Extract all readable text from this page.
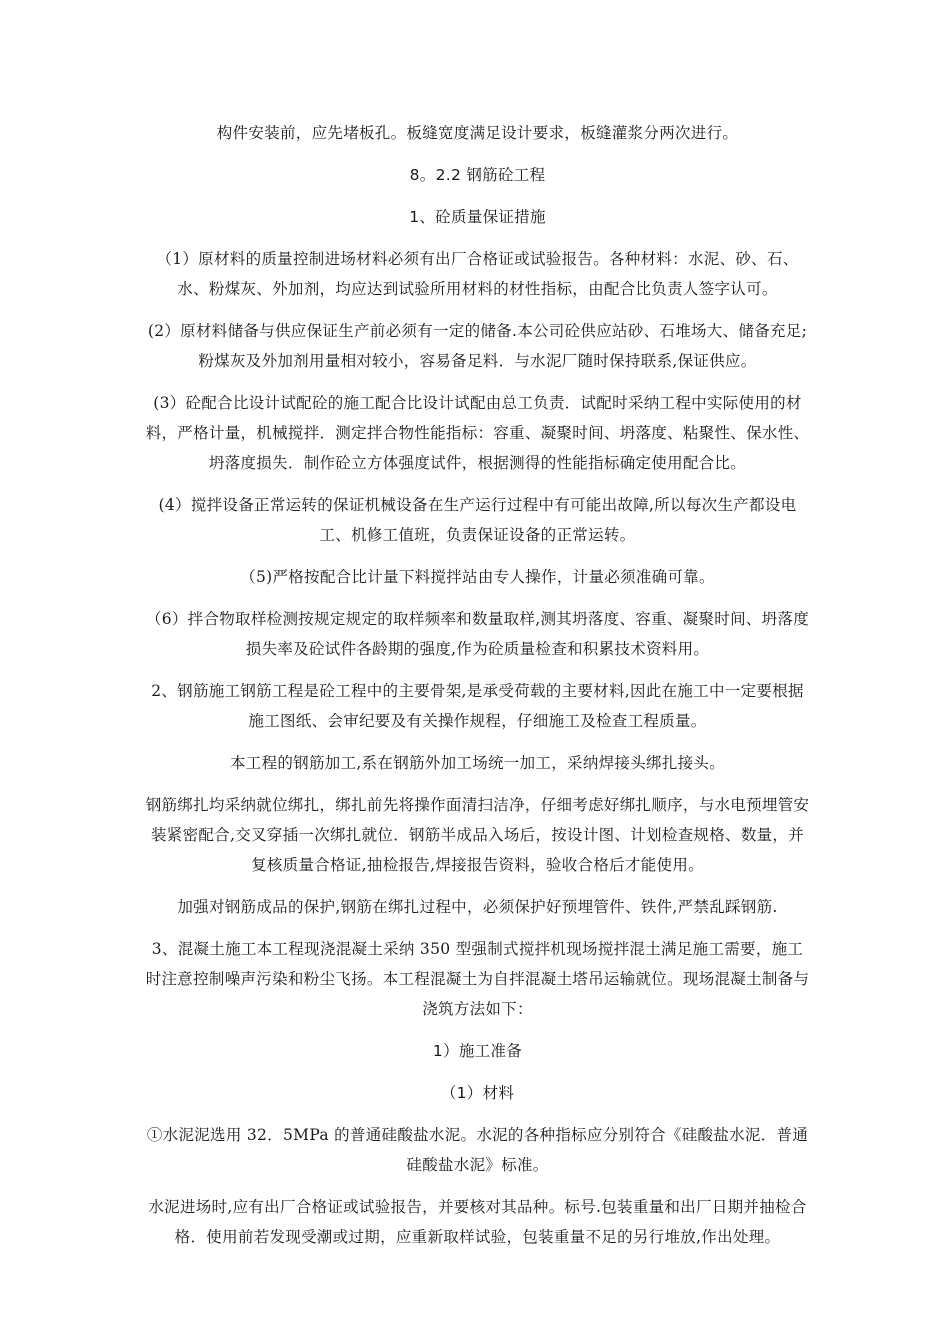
构件安装前，应先堵板孔。板缝宽度满足设计要求，板缝灌浆分两次进行。

8。2.2 钢筋砼工程

1、砼质量保证措施

（1）原材料的质量控制进场材料必须有出厂合格证或试验报告。各种材料：水泥、砂、石、水、粉煤灰、外加剂，均应达到试验所用材料的材性指标，由配合比负责人签字认可。

(2）原材料储备与供应保证生产前必须有一定的储备.本公司砼供应站砂、石堆场大、储备充足;粉煤灰及外加剂用量相对较小，容易备足料．与水泥厂随时保持联系,保证供应。

(3）砼配合比设计试配砼的施工配合比设计试配由总工负责．试配时采纳工程中实际使用的材料，严格计量，机械搅拌．测定拌合物性能指标：容重、凝聚时间、坍落度、粘聚性、保水性、坍落度损失．制作砼立方体强度试件，根据测得的性能指标确定使用配合比。

(4）搅拌设备正常运转的保证机械设备在生产运行过程中有可能出故障,所以每次生产都设电工、机修工值班，负责保证设备的正常运转。

（5)严格按配合比计量下料搅拌站由专人操作，计量必须准确可靠。

（6）拌合物取样检测按规定规定的取样频率和数量取样,测其坍落度、容重、凝聚时间、坍落度损失率及砼试件各龄期的强度,作为砼质量检查和积累技术资料用。

2、钢筋施工钢筋工程是砼工程中的主要骨架,是承受荷载的主要材料,因此在施工中一定要根据施工图纸、会审纪要及有关操作规程，仔细施工及检查工程质量。

本工程的钢筋加工,系在钢筋外加工场统一加工，采纳焊接头绑扎接头。

钢筋绑扎均采纳就位绑扎，绑扎前先将操作面清扫洁净，仔细考虑好绑扎顺序，与水电预埋管安装紧密配合,交叉穿插一次绑扎就位．钢筋半成品入场后，按设计图、计划检查规格、数量，并复核质量合格证,抽检报告,焊接报告资料，验收合格后才能使用。

加强对钢筋成品的保护,钢筋在绑扎过程中，必须保护好预埋管件、铁件,严禁乱踩钢筋.

3、混凝土施工本工程现浇混凝土采纳 350 型强制式搅拌机现场搅拌混土满足施工需要，施工时注意控制噪声污染和粉尘飞扬。本工程混凝土为自拌混凝土塔吊运输就位。现场混凝土制备与浇筑方法如下：

1）施工准备

（1）材料

①水泥泥选用 32．5MPa 的普通硅酸盐水泥。水泥的各种指标应分别符合《硅酸盐水泥．普通硅酸盐水泥》标准。

水泥进场时,应有出厂合格证或试验报告，并要核对其品种。标号.包装重量和出厂日期并抽检合格．使用前若发现受潮或过期，应重新取样试验，包装重量不足的另行堆放,作出处理。
